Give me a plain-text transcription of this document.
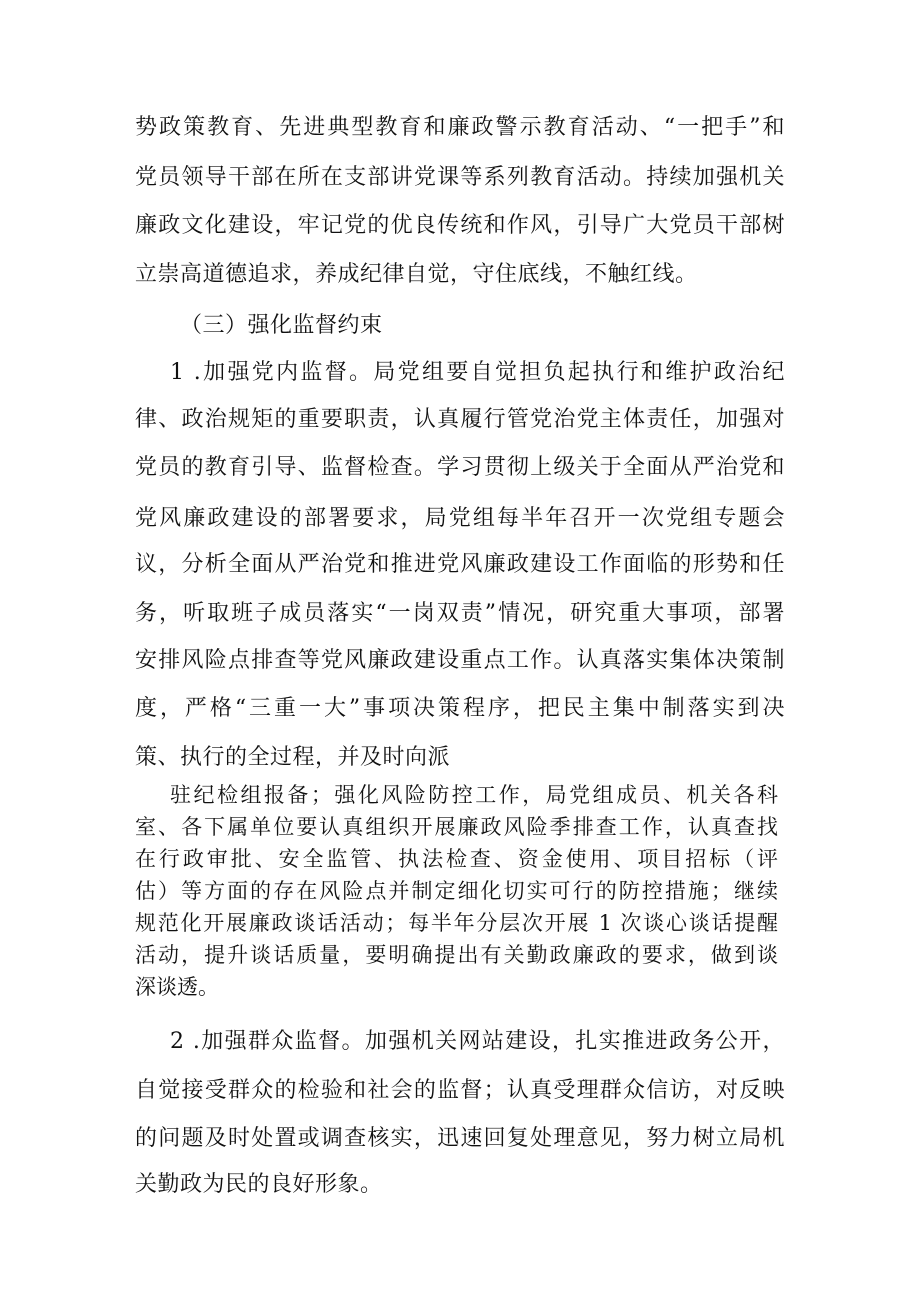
势政策教育、先进典型教育和廉政警示教育活动、“一把手”和
党员领导干部在所在支部讲党课等系列教育活动。持续加强机关
廉政文化建设，牢记党的优良传统和作风，引导广大党员干部树
立崇高道德追求，养成纪律自觉，守住底线，不触红线。
（三）强化监督约束
1 .加强党内监督。局党组要自觉担负起执行和维护政治纪
律、政治规矩的重要职责，认真履行管党治党主体责任，加强对
党员的教育引导、监督检查。学习贯彻上级关于全面从严治党和
党风廉政建设的部署要求，局党组每半年召开一次党组专题会
议，分析全面从严治党和推进党风廉政建设工作面临的形势和任
务，听取班子成员落实“一岗双责”情况，研究重大事项，部署
安排风险点排查等党风廉政建设重点工作。认真落实集体决策制
度，严格“三重一大”事项决策程序，把民主集中制落实到决
策、执行的全过程，并及时向派
驻纪检组报备；强化风险防控工作，局党组成员、机关各科
室、各下属单位要认真组织开展廉政风险季排查工作，认真查找
在行政审批、安全监管、执法检查、资金使用、项目招标（评
估）等方面的存在风险点并制定细化切实可行的防控措施；继续
规范化开展廉政谈话活动；每半年分层次开展 1 次谈心谈话提醒
活动，提升谈话质量，要明确提出有关勤政廉政的要求，做到谈
深谈透。
2 .加强群众监督。加强机关网站建设，扎实推进政务公开，
自觉接受群众的检验和社会的监督；认真受理群众信访，对反映
的问题及时处置或调查核实，迅速回复处理意见，努力树立局机
关勤政为民的良好形象。
